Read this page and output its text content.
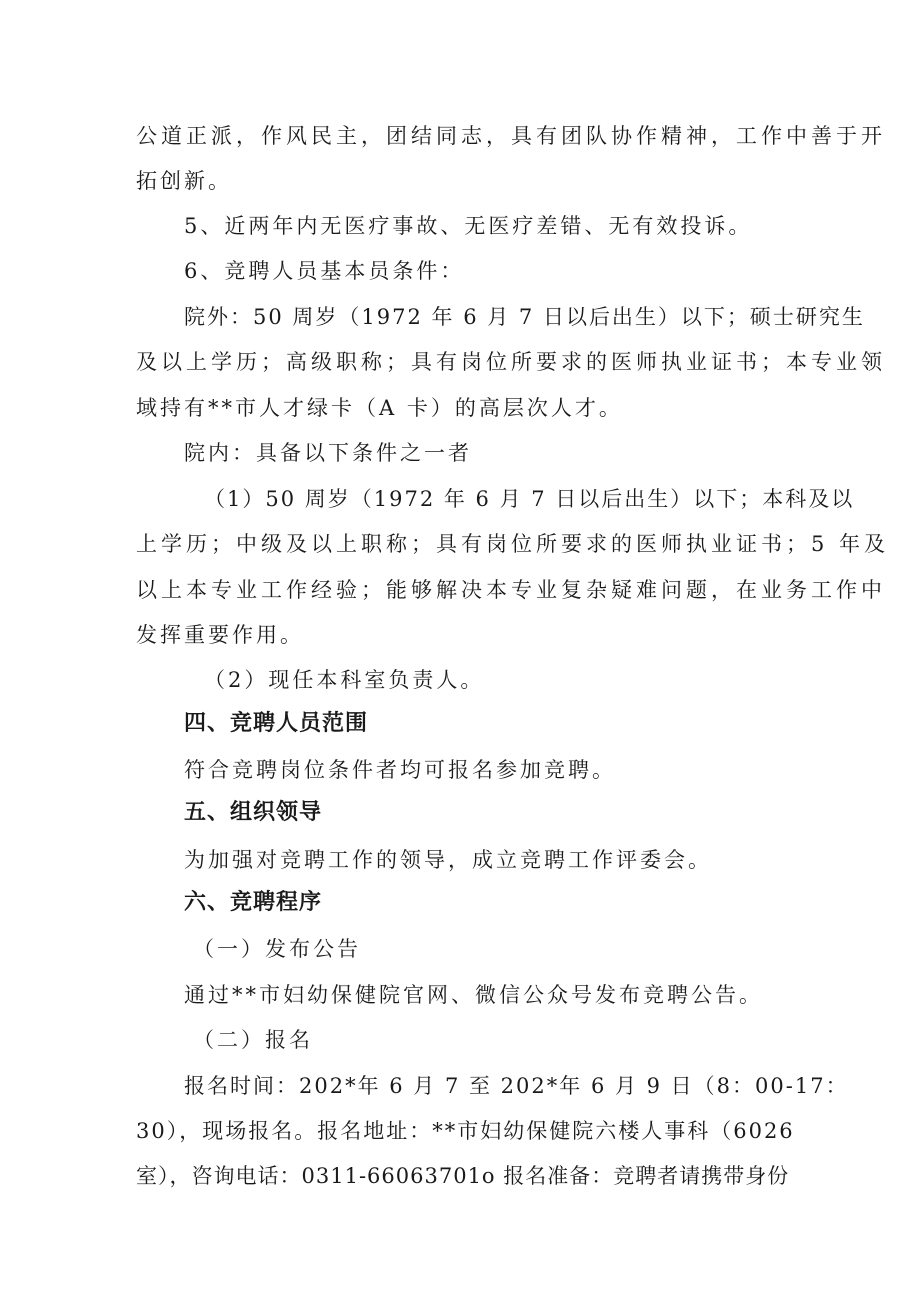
公道正派，作风民主，团结同志，具有团队协作精神，工作中善于开
拓创新。
5、近两年内无医疗事故、无医疗差错、无有效投诉。
6、竞聘人员基本员条件：
院外：50 周岁（1972 年 6 月 7 日以后出生）以下；硕士研究生
及以上学历；高级职称；具有岗位所要求的医师执业证书；本专业领
域持有**市人才绿卡（A 卡）的高层次人才。
院内：具备以下条件之一者
（1）50 周岁（1972 年 6 月 7 日以后出生）以下；本科及以
上学历；中级及以上职称；具有岗位所要求的医师执业证书；5 年及
以上本专业工作经验；能够解决本专业复杂疑难问题，在业务工作中
发挥重要作用。
（2）现任本科室负责人。
四、竞聘人员范围
符合竞聘岗位条件者均可报名参加竞聘。
五、组织领导
为加强对竞聘工作的领导，成立竞聘工作评委会。
六、竞聘程序
（一）发布公告
通过**市妇幼保健院官网、微信公众号发布竞聘公告。
（二）报名
报名时间：202*年 6 月 7 至 202*年 6 月 9 日（8：00-17：
30），现场报名。报名地址：**市妇幼保健院六楼人事科（6026
室），咨询电话：0311-66063701o 报名准备：竞聘者请携带身份
